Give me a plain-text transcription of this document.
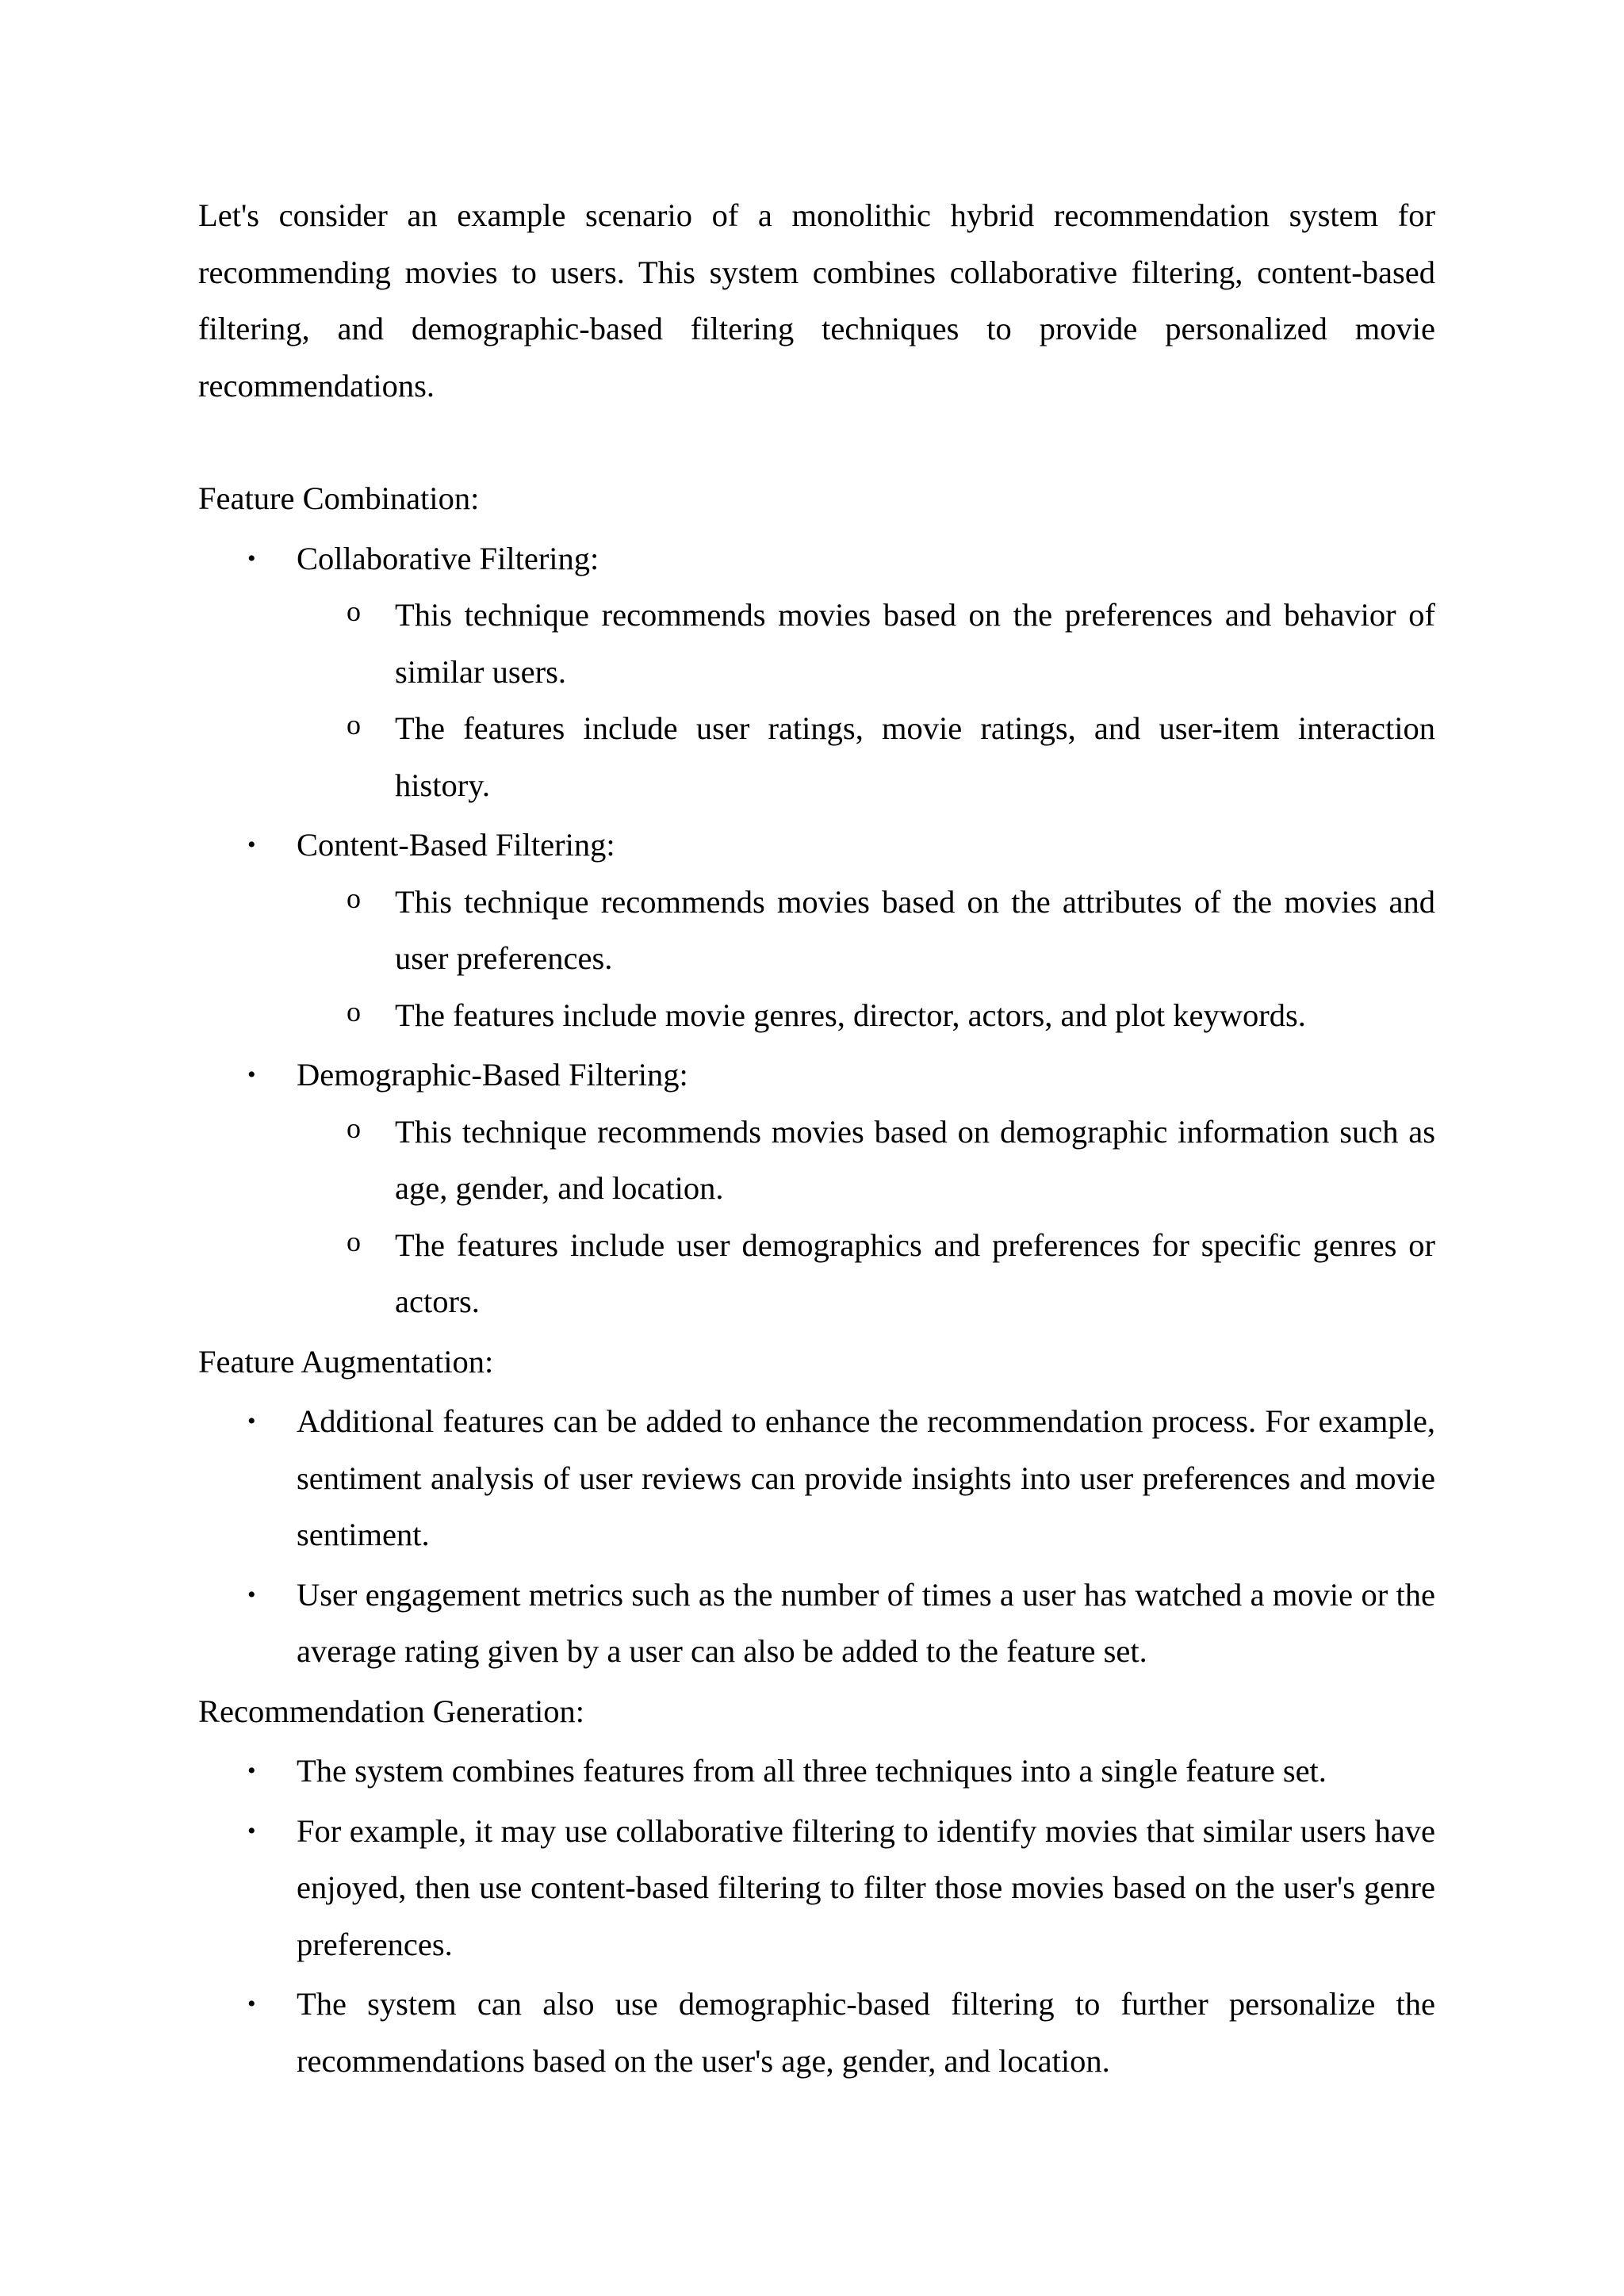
Let's consider an example scenario of a monolithic hybrid recommendation system for recommending movies to users. This system combines collaborative filtering, content-based filtering, and demographic-based filtering techniques to provide personalized movie recommendations.

Feature Combination:

• Collaborative Filtering:
o This technique recommends movies based on the preferences and behavior of similar users.
o The features include user ratings, movie ratings, and user-item interaction history.
• Content-Based Filtering:
o This technique recommends movies based on the attributes of the movies and user preferences.
o The features include movie genres, director, actors, and plot keywords.
• Demographic-Based Filtering:
o This technique recommends movies based on demographic information such as age, gender, and location.
o The features include user demographics and preferences for specific genres or actors.

Feature Augmentation:

• Additional features can be added to enhance the recommendation process. For example, sentiment analysis of user reviews can provide insights into user preferences and movie sentiment.
• User engagement metrics such as the number of times a user has watched a movie or the average rating given by a user can also be added to the feature set.

Recommendation Generation:

• The system combines features from all three techniques into a single feature set.
• For example, it may use collaborative filtering to identify movies that similar users have enjoyed, then use content-based filtering to filter those movies based on the user's genre preferences.
• The system can also use demographic-based filtering to further personalize the recommendations based on the user's age, gender, and location.
